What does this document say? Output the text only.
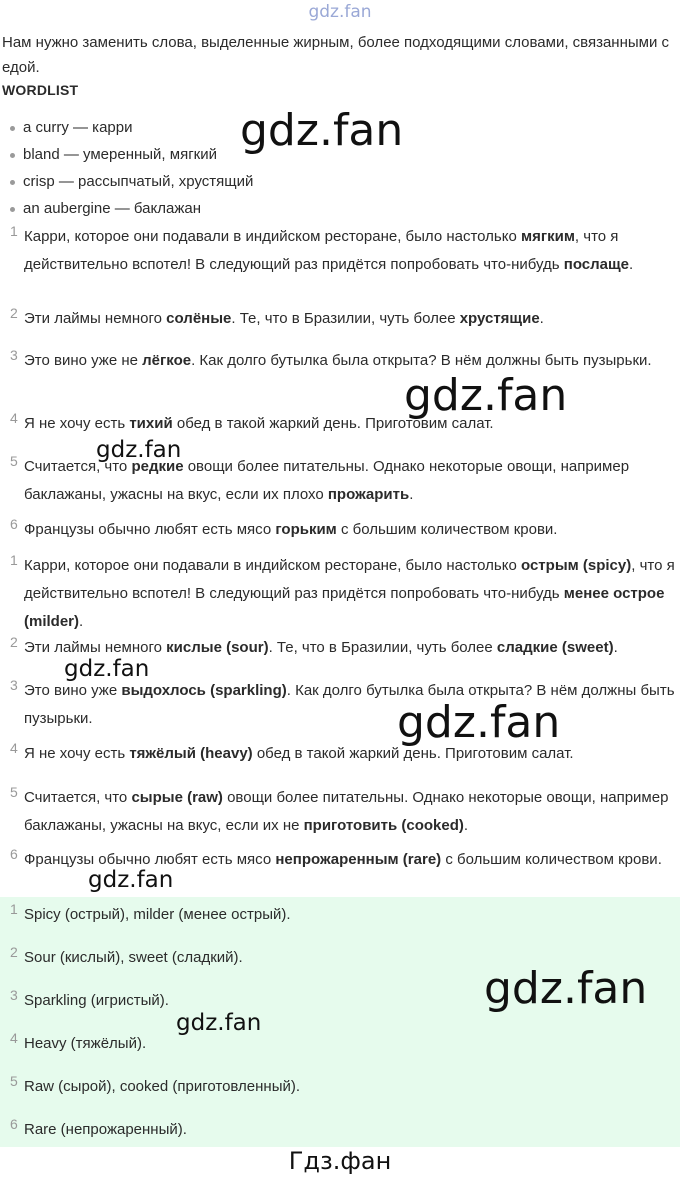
gdz.fan
Нам нужно заменить слова, выделенные жирным, более подходящими словами, связанными с едой.
WORDLIST
a curry — карри
bland — умеренный, мягкий
crisp — рассыпчатый, хрустящий
an aubergine — баклажан
1 Карри, которое они подавали в индийском ресторане, было настолько мягким, что я действительно вспотел! В следующий раз придётся попробовать что-нибудь послаще.
2 Эти лаймы немного солёные. Те, что в Бразилии, чуть более хрустящие.
3 Это вино уже не лёгкое. Как долго бутылка была открыта? В нём должны быть пузырьки.
4 Я не хочу есть тихий обед в такой жаркий день. Приготовим салат.
5 Считается, что редкие овощи более питательны. Однако некоторые овощи, например баклажаны, ужасны на вкус, если их плохо прожарить.
6 Французы обычно любят есть мясо горьким с большим количеством крови.
1 Карри, которое они подавали в индийском ресторане, было настолько острым (spicy), что я действительно вспотел! В следующий раз придётся попробовать что-нибудь менее острое (milder).
2 Эти лаймы немного кислые (sour). Те, что в Бразилии, чуть более сладкие (sweet).
3 Это вино уже выдохлось (sparkling). Как долго бутылка была открыта? В нём должны быть пузырьки.
4 Я не хочу есть тяжёлый (heavy) обед в такой жаркий день. Приготовим салат.
5 Считается, что сырые (raw) овощи более питательны. Однако некоторые овощи, например баклажаны, ужасны на вкус, если их не приготовить (cooked).
6 Французы обычно любят есть мясо непрожаренным (rare) с большим количеством крови.
1 Spicy (острый), milder (менее острый).
2 Sour (кислый), sweet (сладкий).
3 Sparkling (игристый).
4 Heavy (тяжёлый).
5 Raw (сырой), cooked (приготовленный).
6 Rare (непрожаренный).
gdz.fan
gdz.fan
gdz.fan
gdz.fan
gdz.fan
gdz.fan
gdz.fan
gdz.fan
Гдз.фан
